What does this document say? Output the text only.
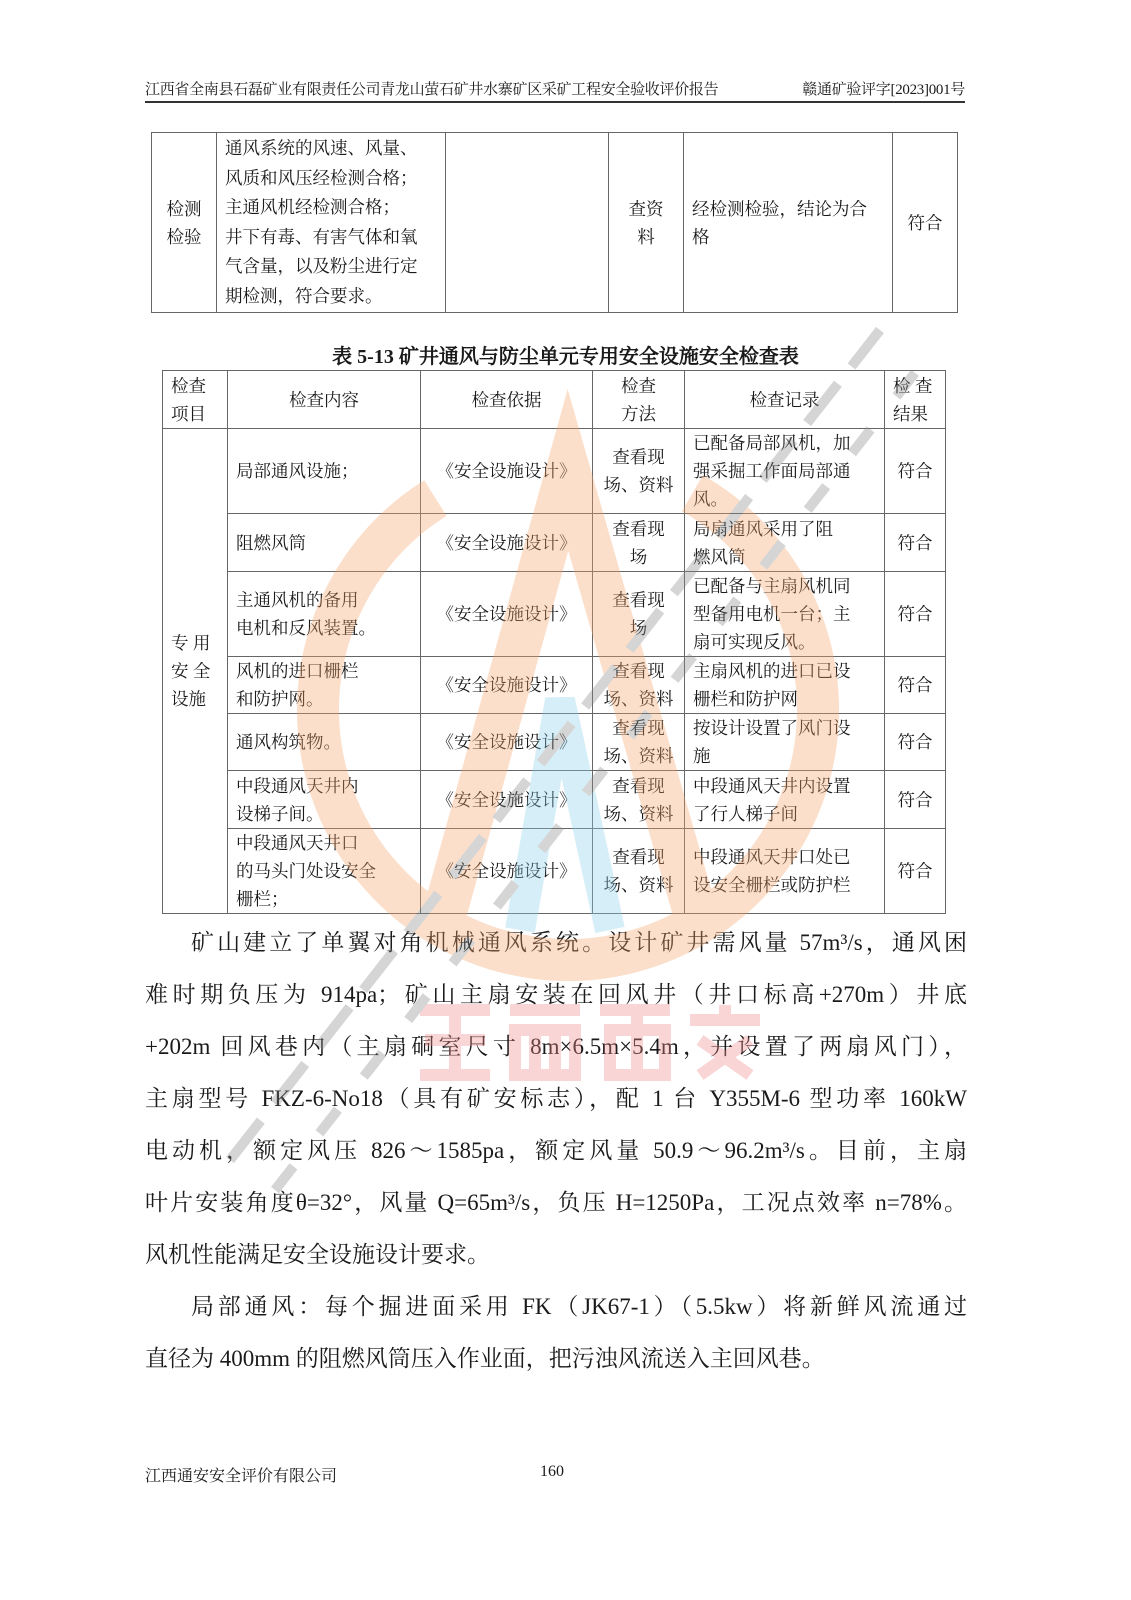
江西省全南县石磊矿业有限责任公司青龙山萤石矿井水寨矿区采矿工程安全验收评价报告	赣通矿验评字[2023]001号
检测
检验	通风系统的风速、风量、
风质和风压经检测合格；
主通风机经检测合格；
井下有毒、有害气体和氧
气含量，以及粉尘进行定
期检测，符合要求。		查资
料	经检测检验，结论为合
格	符合
表 5-13 矿井通风与防尘单元专用安全设施安全检查表
检查
项目	检查内容	检查依据	检查
方法	检查记录	检 查
结果
专 用
安 全
设施	局部通风设施；	《安全设施设计》	查看现
场、资料	已配备局部风机，加
强采掘工作面局部通
风。	符合
	阻燃风筒	《安全设施设计》	查看现
场	局扇通风采用了阻
燃风筒	符合
	主通风机的备用
电机和反风装置。	《安全设施设计》	查看现
场	已配备与主扇风机同
型备用电机一台；主
扇可实现反风。	符合
	风机的进口栅栏
和防护网。	《安全设施设计》	查看现
场、资料	主扇风机的进口已设
栅栏和防护网	符合
	通风构筑物。	《安全设施设计》	查看现
场、资料	按设计设置了风门设
施	符合
	中段通风天井内
设梯子间。	《安全设施设计》	查看现
场、资料	中段通风天井内设置
了行人梯子间	符合
	中段通风天井口
的马头门处设安全
栅栏；	《安全设施设计》	查看现
场、资料	中段通风天井口处已
设安全栅栏或防护栏	符合
矿山建立了单翼对角机械通风系统。设计矿井需风量 57m³/s，通风困
难时期负压为 914pa；矿山主扇安装在回风井（井口标高+270m）井底
+202m 回风巷内（主扇硐室尺寸 8m×6.5m×5.4m，并设置了两扇风门），
主扇型号 FKZ-6-No18（具有矿安标志），配 1 台 Y355M-6 型功率 160kW
电动机，额定风压 826～1585pa，额定风量 50.9～96.2m³/s。目前，主扇
叶片安装角度θ=32°，风量 Q=65m³/s，负压 H=1250Pa，工况点效率 n=78%。
风机性能满足安全设施设计要求。
局部通风：每个掘进面采用 FK（JK67-1）（5.5kw）将新鲜风流通过
直径为 400mm 的阻燃风筒压入作业面，把污浊风流送入主回风巷。
江西通安安全评价有限公司	160
